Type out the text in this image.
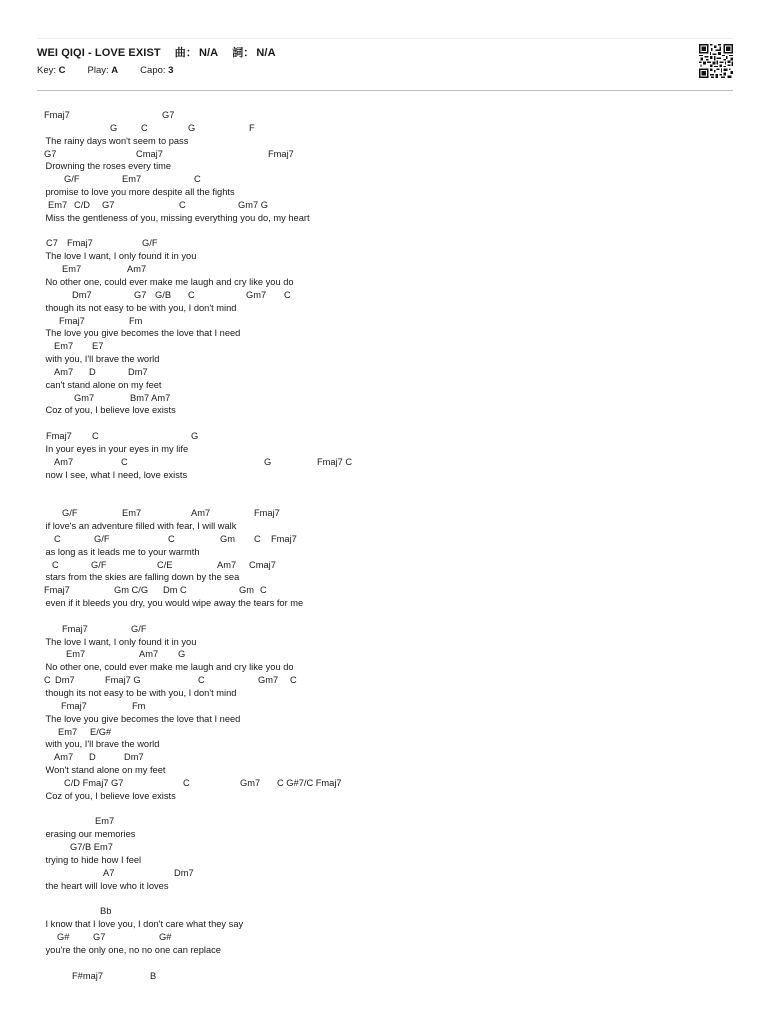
WEI QIQI - LOVE EXIST 曲： N/A 詞： N/A
Key: C Play: A Capo: 3
Fmaj7	G7
G	C	G	F
The rainy days won't seem to pass
G7	Cmaj7	Fmaj7
Drowning the roses every time
G/F	Em7	C
promise to love you more despite all the fights
Em7 C/D G7	C	Gm7 G
Miss the gentleness of you, missing everything you do, my heart
C7 Fmaj7	G/F
The love I want, I only found it in you
Em7	Am7
No other one, could ever make me laugh and cry like you do
Dm7	G7 G/B C	Gm7 C
though its not easy to be with you, I don't mind
Fmaj7	Fm
The love you give becomes the love that I need
Em7 E7
with you, I'll brave the world
Am7 D	Dm7
can't stand alone on my feet
Gm7	Bm7 Am7
Coz of you, I believe love exists
Fmaj7 C	G
In your eyes in your eyes in my life
Am7	C	G	Fmaj7 C
now I see, what I need, love exists
G/F	Em7	Am7	Fmaj7
if love's an adventure filled with fear, I will walk
C	G/F	C	Gm C Fmaj7
as long as it leads me to your warmth
C	G/F	C/E	Am7 Cmaj7
stars from the skies are falling down by the sea
Fmaj7	Gm C/G Dm C	Gm C
even if it bleeds you dry, you would wipe away the tears for me
Fmaj7	G/F
The love I want, I only found it in you
Em7	Am7 G
No other one, could ever make me laugh and cry like you do
C Dm7	Fmaj7 G	C	Gm7 C
though its not easy to be with you, I don't mind
Fmaj7	Fm
The love you give becomes the love that I need
Em7 E/G#
with you, I'll brave the world
Am7 D	Dm7
Won't stand alone on my feet
C/D Fmaj7 G7	C	Gm7 C G#7/C Fmaj7
Coz of you, I believe love exists
Em7
erasing our memories
G7/B Em7
trying to hide how I feel
A7	Dm7
the heart will love who it loves
Bb
I know that I love you, I don't care what they say
G#	G7	G#
you're the only one, no no one can replace
F#maj7	B
